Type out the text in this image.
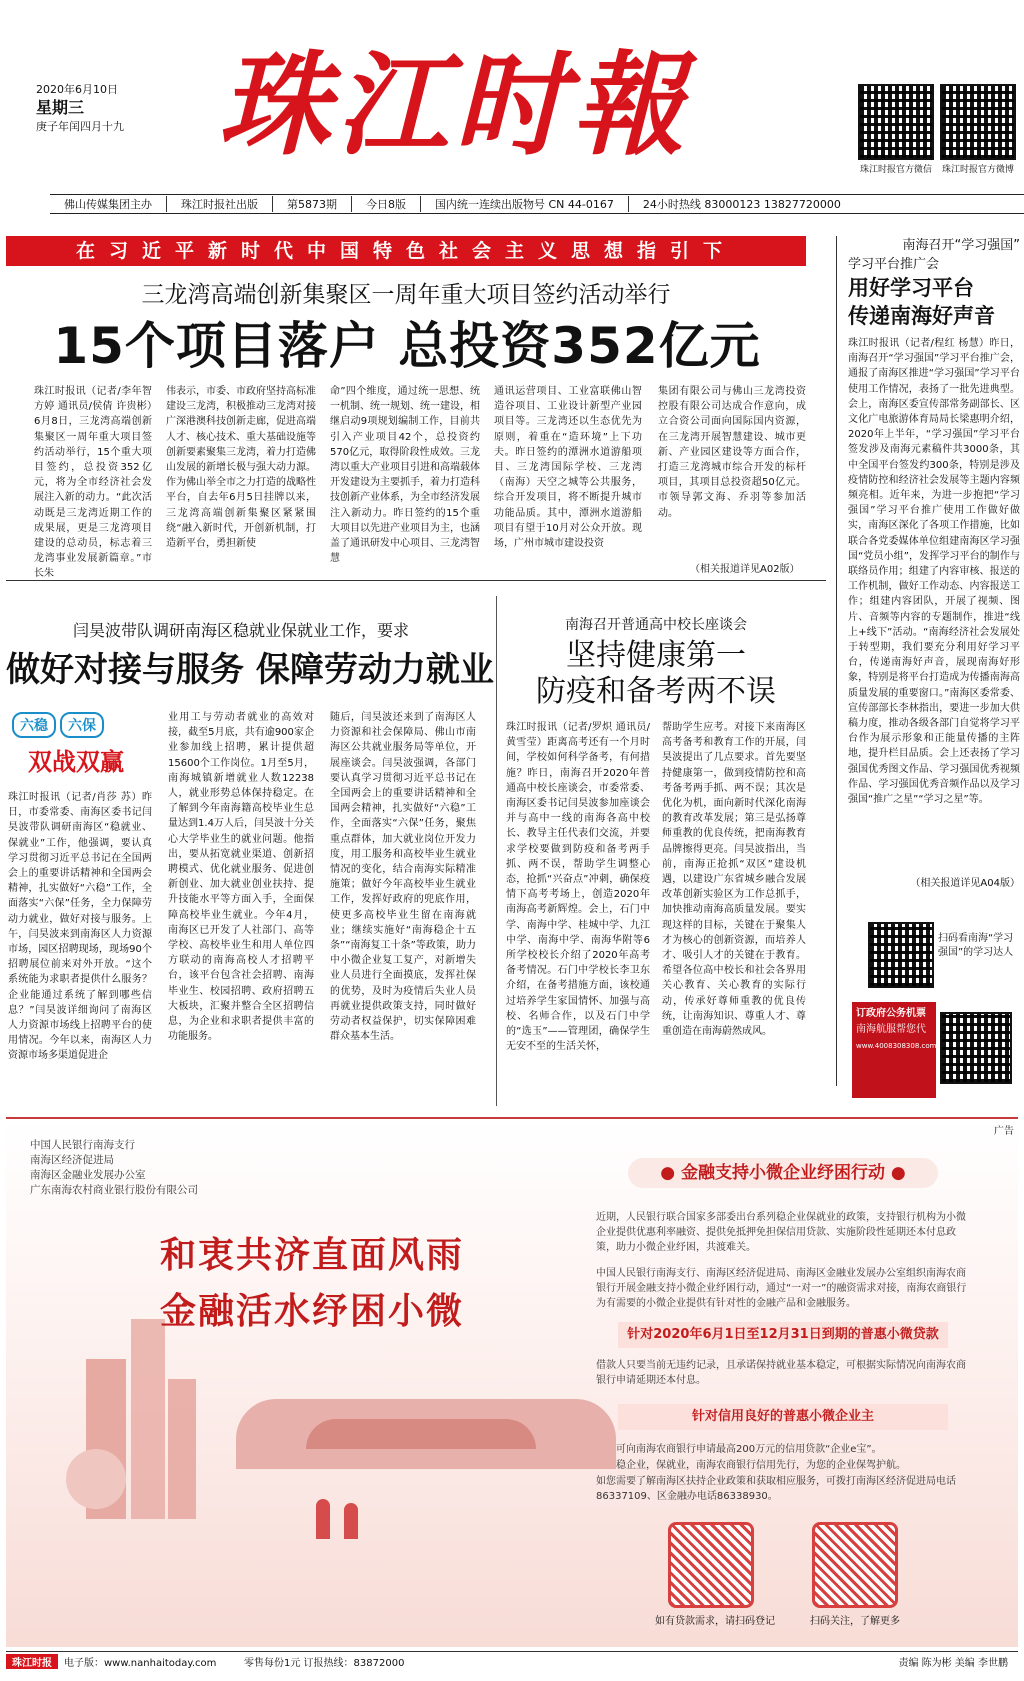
2020年6月10日
星期三
庚子年闰四月十九 珠江时報	珠江时报官方微信	珠江时报官方微博
佛山传媒集团主办	珠江时报社出版	第5873期	今日8版	国内统一连续出版物号 CN 44-0167	24小时热线 83000123 13827720000
在习近平新时代中国特色社会主义思想指引下
三龙湾高端创新集聚区一周年重大项目签约活动举行
15个项目落户 总投资352亿元
珠江时报讯（记者/李年智 方婷 通讯员/侯倩 许贵彬）6月8日，三龙湾高端创新集聚区一周年重大项目签约活动举行，15个重大项目签约，总投资352亿元，将为全市经济社会发展注入新的动力。“此次活动既是三龙湾近期工作的成果展，更是三龙湾项目建设的总动员，标志着三龙湾事业发展新篇章。”市长朱
伟表示，市委、市政府坚持高标准建设三龙湾，积极推动三龙湾对接广深港澳科技创新走廊，促进高端人才、核心技术、重大基础设施等创新要素聚集三龙湾，着力打造佛山发展的新增长极与强大动力源。作为佛山举全市之力打造的战略性平台，自去年6月5日挂牌以来，三龙湾高端创新集聚区紧紧围绕“融入新时代，开创新机制，打造新平台，勇担新使
命”四个维度，通过统一思想、统一机制、统一规划、统一建设，相继启动9项规划编制工作，目前共引入产业项目42个，总投资约570亿元，取得阶段性成效。三龙湾以重大产业项目引进和高端载体开发建设为主要抓手，着力打造科技创新产业体系，为全市经济发展注入新动力。昨日签约的15个重大项目以先进产业项目为主，也涵盖了通讯研发中心项目、三龙湾智慧
通讯运营项目、工业富联佛山智造谷项目、工业设计新型产业园项目等。三龙湾还以生态优先为原则，着重在“造环境”上下功夫。昨日签约的潭洲水道游船项目、三龙湾国际学校、三龙湾（南海）天空之城等公共服务，综合开发项目，将不断提升城市功能品质。其中，潭洲水道游船项目有望于10月对公众开放。现场，广州市城市建设投资
集团有限公司与佛山三龙湾投资控股有限公司达成合作意向，成立合资公司面向国际国内资源，在三龙湾开展智慧建设、城市更新、产业园区建设等方面合作，打造三龙湾城市综合开发的标杆项目，其项目总投资超50亿元。市领导郭文海、乔羽等参加活动。
（相关报道详见A02版）
闫昊波带队调研南海区稳就业保就业工作，要求
做好对接与服务 保障劳动力就业
六稳 六保
双战双赢
珠江时报讯（记者/肖莎 苏）昨日，市委常委、南海区委书记闫昊波带队调研南海区“稳就业、保就业”工作，他强调，要认真学习贯彻习近平总书记在全国两会上的重要讲话精神和全国两会精神，扎实做好“六稳”工作，全面落实“六保”任务，全力保障劳动力就业，做好对接与服务。上午，闫昊波来到南海区人力资源市场，园区招聘现场，现场90个招聘展位前来对外开放。“这个系统能为求职者提供什么服务？企业能通过系统了解到哪些信息？”闫昊波详细询问了南海区人力资源市场线上招聘平台的使用情况。今年以来，南海区人力资源市场多渠道促进企
业用工与劳动者就业的高效对接，截至5月底，共有逾900家企业参加线上招聘，累计提供超15600个工作岗位。1月至5月，南海城镇新增就业人数12238人，就业形势总体保持稳定。在了解到今年南海籍高校毕业生总量达到1.4万人后，闫昊波十分关心大学毕业生的就业问题。他指出，要从拓宽就业渠道、创新招聘模式、优化就业服务、促进创新创业、加大就业创业扶持、提升技能水平等方面入手，全面保障高校毕业生就业。今年4月，南海区已开发了人社部门、高等学校、高校毕业生和用人单位四方联动的南海高校人才招聘平台，该平台包含社会招聘、南海毕业生、校园招聘、政府招聘五大板块，汇聚并整合全区招聘信息，为企业和求职者提供丰富的功能服务。
随后，闫昊波还来到了南海区人力资源和社会保障局、佛山市南海区公共就业服务局等单位，开展座谈会。闫昊波强调，各部门要认真学习贯彻习近平总书记在全国两会上的重要讲话精神和全国两会精神，扎实做好“六稳”工作，全面落实“六保”任务，聚焦重点群体，加大就业岗位开发力度，用工服务和高校毕业生就业情况的变化，结合南海实际精准施策；做好今年高校毕业生就业工作，发挥好政府的兜底作用，使更多高校毕业生留在南海就业；继续实施好“南海稳企十五条”“南海复工十条”等政策，助力中小微企业复工复产，对新增失业人员进行全面摸底，发挥社保的优势，及时为疫情后失业人员再就业提供政策支持，同时做好劳动者权益保护，切实保障困难群众基本生活。
南海召开普通高中校长座谈会
坚持健康第一
防疫和备考两不误
珠江时报讯（记者/罗炽 通讯员/黄雪莹）距离高考还有一个月时间，学校如何科学备考，有何措施？昨日，南海召开2020年普通高中校长座谈会，市委常委、南海区委书记闫昊波参加座谈会并与高中一线的南海各高中校长、教导主任代表们交流，并要求学校要做到防疫和备考两手抓、两不误，帮助学生调整心态，抢抓“兴奋点”冲刺，确保疫情下高考考场上，创造2020年南海高考新辉煌。会上，石门中学、南海中学、桂城中学、九江中学、南海中学、南海华附等6所学校校长介绍了2020年高考备考情况。石门中学校长李卫东介绍，在备考措施方面，该校通过培养学生家国情怀、加强与高校、名师合作，以及石门中学的“选玉”——管理团，确保学生无安不至的生活关怀，
帮助学生应考。对接下来南海区高考备考和教育工作的开展，闫昊波提出了几点要求。首先要坚持健康第一，做到疫情防控和高考备考两手抓、两不误；其次是优化为机，面向新时代深化南海的教育改革发展；第三是弘扬尊师重教的优良传统，把南海教育品牌擦得更亮。闫昊波指出，当前，南海正抢抓“双区”建设机遇，以建设广东省城乡融合发展改革创新实验区为工作总抓手，加快推动南海高质量发展。要实现这样的目标，关键在于聚集人才为核心的创新资源，而培养人才、吸引人才的关键在于教育。希望各位高中校长和社会各界用关心教育、关心教育的实际行动，传承好尊师重教的优良传统，让南海知识、尊重人才、尊重创造在南海蔚然成风。
南海召开“学习强国”
学习平台推广会
用好学习平台
传递南海好声音
珠江时报讯（记者/程红 杨慧）昨日，南海召开“学习强国”学习平台推广会，通报了南海区推进“学习强国”学习平台使用工作情况，表扬了一批先进典型。会上，南海区委宣传部常务副部长、区文化广电旅游体育局局长梁惠明介绍，2020年上半年，“学习强国”学习平台签发涉及南海元素稿件共3000条，其中全国平台签发约300条，特别是涉及疫情防控和经济社会发展等主题内容频频亮相。近年来，为进一步抱把“学习强国”学习平台推广使用工作做好做实，南海区深化了各项工作措施，比如联合各党委媒体单位组建南海区学习强国“党员小组”，发挥学习平台的制作与联络员作用；组建了内容审核、报送的工作机制，做好工作动态、内容报送工作；组建内容团队，开展了视频、图片、音频等内容的专题制作，推进“线上+线下”活动。“南海经济社会发展处于转型期，我们要充分利用好学习平台，传递南海好声音，展现南海好形象，特别是将平台打造成为传播南海高质量发展的重要窗口。”南海区委常委、宣传部部长李林指出，要进一步加大供稿力度，推动各级各部门自觉将学习平台作为展示形象和正能量传播的主阵地，提升栏目品质。会上还表扬了学习强国优秀图文作品、学习强国优秀视频作品、学习强国优秀音频作品以及学习强国“推广之星”“学习之星”等。
（相关报道详见A04版）
扫码看南海“学习强国”的学习达人
订政府公务机票
南海航服帮您代
www.4008308308.com
广告
中国人民银行南海支行
南海区经济促进局
南海区金融业发展办公室
广东南海农村商业银行股份有限公司
和衷共济直面风雨
金融活水纾困小微
● 金融支持小微企业纾困行动 ●
近期，人民银行联合国家多部委出台系列稳企业保就业的政策，支持银行机构为小微企业提供优惠利率融资、提供免抵押免担保信用贷款、实施阶段性延期还本付息政策，助力小微企业纾困，共渡难关。
中国人民银行南海支行、南海区经济促进局、南海区金融业发展办公室组织南海农商银行开展金融支持小微企业纾困行动，通过“一对一”的融资需求对接，南海农商银行为有需要的小微企业提供有针对性的金融产品和金融服务。
针对2020年6月1日至12月31日到期的普惠小微贷款
借款人只要当前无违约记录，且承诺保持就业基本稳定，可根据实际情况向南海农商银行申请延期还本付息。
针对信用良好的普惠小微企业主
可向南海农商银行申请最高200万元的信用贷款“企业e宝”。
稳企业，保就业，南海农商银行信用先行，为您的企业保驾护航。
如您需要了解南海区扶持企业政策和获取相应服务，可拨打南海区经济促进局电话86337109、区金融办电话86338930。
如有贷款需求，请扫码登记	扫码关注，了解更多
珠江时报	电子版：www.nanhaitoday.com	零售每份1元 订报热线：83872000	责编 陈为彬 美编 李世鹏
